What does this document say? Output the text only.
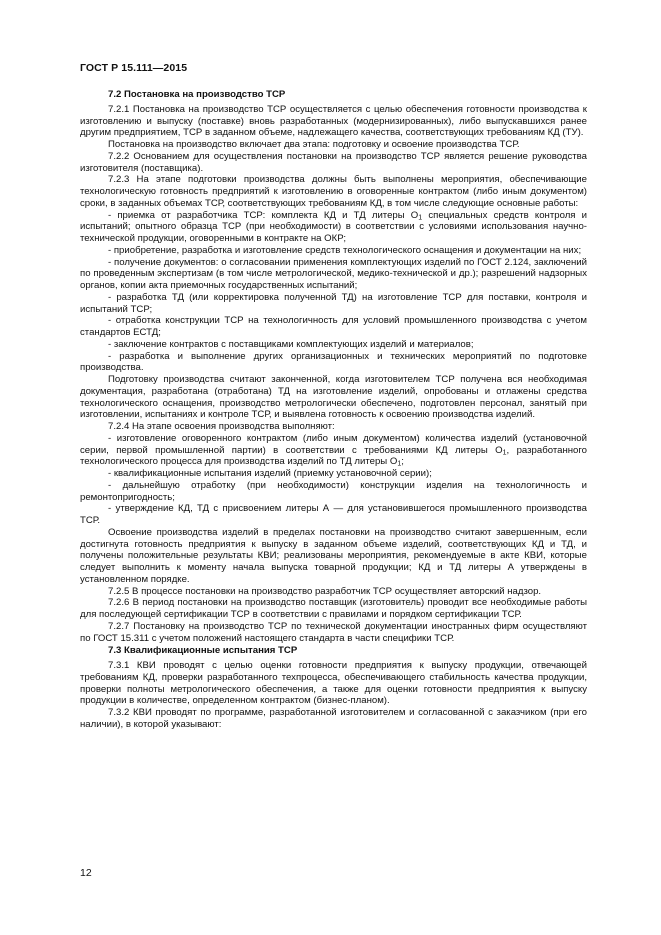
ГОСТ Р 15.111—2015

7.2 Постановка на производство ТСР

7.2.1 Постановка на производство ТСР осуществляется с целью обеспечения готовности производства к изготовлению и выпуску (поставке) вновь разработанных (модернизированных), либо выпускавшихся ранее другим предприятием, ТСР в заданном объеме, надлежащего качества, соответствующих требованиям КД (ТУ).

Постановка на производство включает два этапа: подготовку и освоение производства ТСР.

7.2.2 Основанием для осуществления постановки на производство ТСР является решение руководства изготовителя (поставщика).

7.2.3 На этапе подготовки производства должны быть выполнены мероприятия, обеспечивающие технологическую готовность предприятий к изготовлению в оговоренные контрактом (либо иным документом) сроки, в заданных объемах ТСР, соответствующих требованиям КД, в том числе следующие основные работы:

- приемка от разработчика ТСР: комплекта КД и ТД литеры $О_1$ специальных средств контроля и испытаний; опытного образца ТСР (при необходимости) в соответствии с условиями использования научно-технической продукции, оговоренными в контракте на ОКР;

- приобретение, разработка и изготовление средств технологического оснащения и документации на них;

- получение документов: о согласовании применения комплектующих изделий по ГОСТ 2.124, заключений по проведенным экспертизам (в том числе метрологической, медико-технической и др.); разрешений надзорных органов, копии акта приемочных государственных испытаний;

- разработка ТД (или корректировка полученной ТД) на изготовление ТСР для поставки, контроля и испытаний ТСР;

- отработка конструкции ТСР на технологичность для условий промышленного производства с учетом стандартов ЕСТД;

- заключение контрактов с поставщиками комплектующих изделий и материалов;

- разработка и выполнение других организационных и технических мероприятий по подготовке производства.

Подготовку производства считают законченной, когда изготовителем ТСР получена вся необходимая документация, разработана (отработана) ТД на изготовление изделий, опробованы и отлажены средства технологического оснащения, производство метрологически обеспечено, подготовлен персонал, занятый при изготовлении, испытаниях и контроле ТСР, и выявлена готовность к освоению производства изделий.

7.2.4 На этапе освоения производства выполняют:

- изготовление оговоренного контрактом (либо иным документом) количества изделий (установочной серии, первой промышленной партии) в соответствии с требованиями КД литеры $О_1$, разработанного технологического процесса для производства изделий по ТД литеры $О_1$;

- квалификационные испытания изделий (приемку установочной серии);

- дальнейшую отработку (при необходимости) конструкции изделия на технологичность и ремонтопригодность;

- утверждение КД, ТД с присвоением литеры А — для установившегося промышленного производства ТСР.

Освоение производства изделий в пределах постановки на производство считают завершенным, если достигнута готовность предприятия к выпуску в заданном объеме изделий, соответствующих КД и ТД, и получены положительные результаты КВИ; реализованы мероприятия, рекомендуемые в акте КВИ, которые следует выполнить к моменту начала выпуска товарной продукции; КД и ТД литеры А утверждены в установленном порядке.

7.2.5 В процессе постановки на производство разработчик ТСР осуществляет авторский надзор.

7.2.6 В период постановки на производство поставщик (изготовитель) проводит все необходимые работы для последующей сертификации ТСР в соответствии с правилами и порядком сертификации ТСР.

7.2.7 Постановку на производство ТСР по технической документации иностранных фирм осуществляют по ГОСТ 15.311 с учетом положений настоящего стандарта в части специфики ТСР.

7.3 Квалификационные испытания ТСР

7.3.1 КВИ проводят с целью оценки готовности предприятия к выпуску продукции, отвечающей требованиям КД, проверки разработанного техпроцесса, обеспечивающего стабильность качества продукции, проверки полноты метрологического обеспечения, а также для оценки готовности предприятия к выпуску продукции в количестве, определенном контрактом (бизнес-планом).

7.3.2 КВИ проводят по программе, разработанной изготовителем и согласованной с заказчиком (при его наличии), в которой указывают:

12
